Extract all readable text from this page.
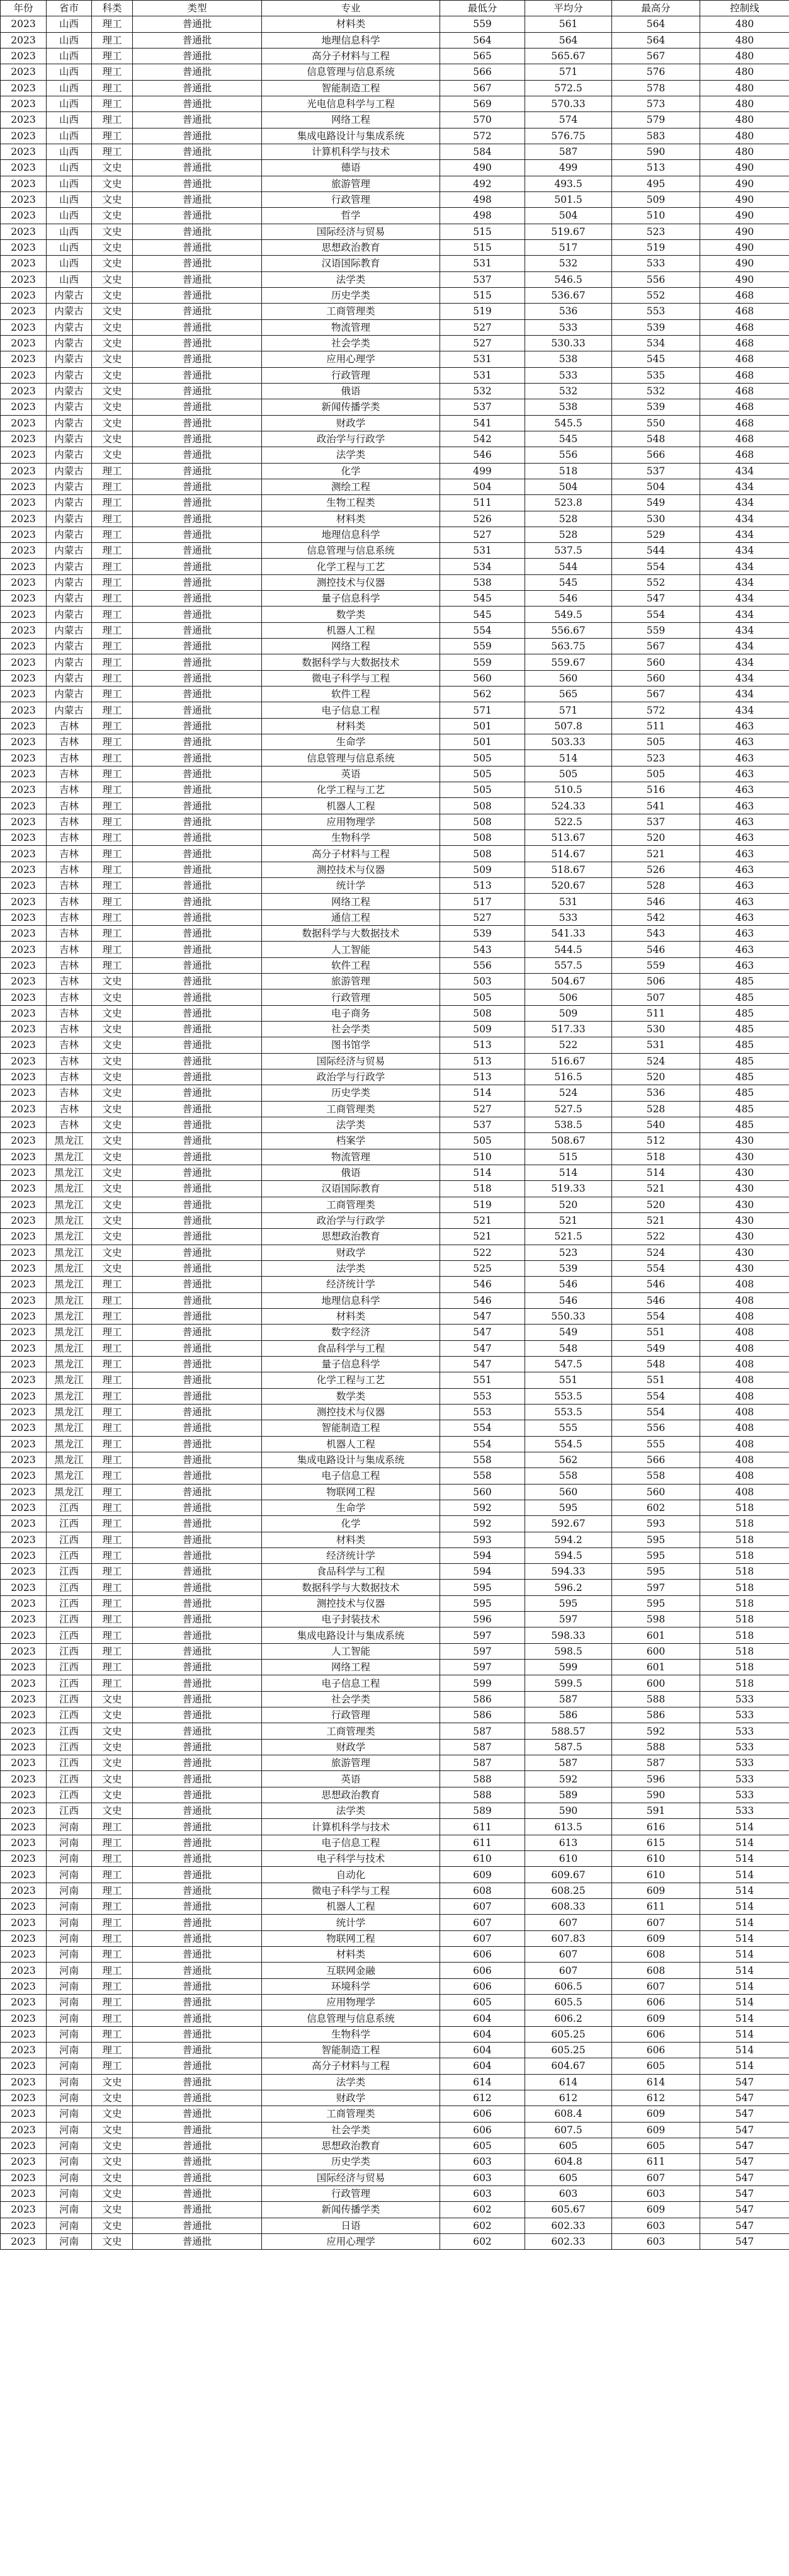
年份	省市	科类	类型	专业	最低分	平均分	最高分	控制线
2023	山西	理工	普通批	材料类	559	561	564	480
2023	山西	理工	普通批	地理信息科学	564	564	564	480
2023	山西	理工	普通批	高分子材料与工程	565	565.67	567	480
2023	山西	理工	普通批	信息管理与信息系统	566	571	576	480
2023	山西	理工	普通批	智能制造工程	567	572.5	578	480
2023	山西	理工	普通批	光电信息科学与工程	569	570.33	573	480
2023	山西	理工	普通批	网络工程	570	574	579	480
2023	山西	理工	普通批	集成电路设计与集成系统	572	576.75	583	480
2023	山西	理工	普通批	计算机科学与技术	584	587	590	480
2023	山西	文史	普通批	德语	490	499	513	490
2023	山西	文史	普通批	旅游管理	492	493.5	495	490
2023	山西	文史	普通批	行政管理	498	501.5	509	490
2023	山西	文史	普通批	哲学	498	504	510	490
2023	山西	文史	普通批	国际经济与贸易	515	519.67	523	490
2023	山西	文史	普通批	思想政治教育	515	517	519	490
2023	山西	文史	普通批	汉语国际教育	531	532	533	490
2023	山西	文史	普通批	法学类	537	546.5	556	490
2023	内蒙古	文史	普通批	历史学类	515	536.67	552	468
2023	内蒙古	文史	普通批	工商管理类	519	536	553	468
2023	内蒙古	文史	普通批	物流管理	527	533	539	468
2023	内蒙古	文史	普通批	社会学类	527	530.33	534	468
2023	内蒙古	文史	普通批	应用心理学	531	538	545	468
2023	内蒙古	文史	普通批	行政管理	531	533	535	468
2023	内蒙古	文史	普通批	俄语	532	532	532	468
2023	内蒙古	文史	普通批	新闻传播学类	537	538	539	468
2023	内蒙古	文史	普通批	财政学	541	545.5	550	468
2023	内蒙古	文史	普通批	政治学与行政学	542	545	548	468
2023	内蒙古	文史	普通批	法学类	546	556	566	468
2023	内蒙古	理工	普通批	化学	499	518	537	434
2023	内蒙古	理工	普通批	测绘工程	504	504	504	434
2023	内蒙古	理工	普通批	生物工程类	511	523.8	549	434
2023	内蒙古	理工	普通批	材料类	526	528	530	434
2023	内蒙古	理工	普通批	地理信息科学	527	528	529	434
2023	内蒙古	理工	普通批	信息管理与信息系统	531	537.5	544	434
2023	内蒙古	理工	普通批	化学工程与工艺	534	544	554	434
2023	内蒙古	理工	普通批	测控技术与仪器	538	545	552	434
2023	内蒙古	理工	普通批	量子信息科学	545	546	547	434
2023	内蒙古	理工	普通批	数学类	545	549.5	554	434
2023	内蒙古	理工	普通批	机器人工程	554	556.67	559	434
2023	内蒙古	理工	普通批	网络工程	559	563.75	567	434
2023	内蒙古	理工	普通批	数据科学与大数据技术	559	559.67	560	434
2023	内蒙古	理工	普通批	微电子科学与工程	560	560	560	434
2023	内蒙古	理工	普通批	软件工程	562	565	567	434
2023	内蒙古	理工	普通批	电子信息工程	571	571	572	434
2023	吉林	理工	普通批	材料类	501	507.8	511	463
2023	吉林	理工	普通批	生命学	501	503.33	505	463
2023	吉林	理工	普通批	信息管理与信息系统	505	514	523	463
2023	吉林	理工	普通批	英语	505	505	505	463
2023	吉林	理工	普通批	化学工程与工艺	505	510.5	516	463
2023	吉林	理工	普通批	机器人工程	508	524.33	541	463
2023	吉林	理工	普通批	应用物理学	508	522.5	537	463
2023	吉林	理工	普通批	生物科学	508	513.67	520	463
2023	吉林	理工	普通批	高分子材料与工程	508	514.67	521	463
2023	吉林	理工	普通批	测控技术与仪器	509	518.67	526	463
2023	吉林	理工	普通批	统计学	513	520.67	528	463
2023	吉林	理工	普通批	网络工程	517	531	546	463
2023	吉林	理工	普通批	通信工程	527	533	542	463
2023	吉林	理工	普通批	数据科学与大数据技术	539	541.33	543	463
2023	吉林	理工	普通批	人工智能	543	544.5	546	463
2023	吉林	理工	普通批	软件工程	556	557.5	559	463
2023	吉林	文史	普通批	旅游管理	503	504.67	506	485
2023	吉林	文史	普通批	行政管理	505	506	507	485
2023	吉林	文史	普通批	电子商务	508	509	511	485
2023	吉林	文史	普通批	社会学类	509	517.33	530	485
2023	吉林	文史	普通批	图书馆学	513	522	531	485
2023	吉林	文史	普通批	国际经济与贸易	513	516.67	524	485
2023	吉林	文史	普通批	政治学与行政学	513	516.5	520	485
2023	吉林	文史	普通批	历史学类	514	524	536	485
2023	吉林	文史	普通批	工商管理类	527	527.5	528	485
2023	吉林	文史	普通批	法学类	537	538.5	540	485
2023	黑龙江	文史	普通批	档案学	505	508.67	512	430
2023	黑龙江	文史	普通批	物流管理	510	515	518	430
2023	黑龙江	文史	普通批	俄语	514	514	514	430
2023	黑龙江	文史	普通批	汉语国际教育	518	519.33	521	430
2023	黑龙江	文史	普通批	工商管理类	519	520	520	430
2023	黑龙江	文史	普通批	政治学与行政学	521	521	521	430
2023	黑龙江	文史	普通批	思想政治教育	521	521.5	522	430
2023	黑龙江	文史	普通批	财政学	522	523	524	430
2023	黑龙江	文史	普通批	法学类	525	539	554	430
2023	黑龙江	理工	普通批	经济统计学	546	546	546	408
2023	黑龙江	理工	普通批	地理信息科学	546	546	546	408
2023	黑龙江	理工	普通批	材料类	547	550.33	554	408
2023	黑龙江	理工	普通批	数字经济	547	549	551	408
2023	黑龙江	理工	普通批	食品科学与工程	547	548	549	408
2023	黑龙江	理工	普通批	量子信息科学	547	547.5	548	408
2023	黑龙江	理工	普通批	化学工程与工艺	551	551	551	408
2023	黑龙江	理工	普通批	数学类	553	553.5	554	408
2023	黑龙江	理工	普通批	测控技术与仪器	553	553.5	554	408
2023	黑龙江	理工	普通批	智能制造工程	554	555	556	408
2023	黑龙江	理工	普通批	机器人工程	554	554.5	555	408
2023	黑龙江	理工	普通批	集成电路设计与集成系统	558	562	566	408
2023	黑龙江	理工	普通批	电子信息工程	558	558	558	408
2023	黑龙江	理工	普通批	物联网工程	560	560	560	408
2023	江西	理工	普通批	生命学	592	595	602	518
2023	江西	理工	普通批	化学	592	592.67	593	518
2023	江西	理工	普通批	材料类	593	594.2	595	518
2023	江西	理工	普通批	经济统计学	594	594.5	595	518
2023	江西	理工	普通批	食品科学与工程	594	594.33	595	518
2023	江西	理工	普通批	数据科学与大数据技术	595	596.2	597	518
2023	江西	理工	普通批	测控技术与仪器	595	595	595	518
2023	江西	理工	普通批	电子封装技术	596	597	598	518
2023	江西	理工	普通批	集成电路设计与集成系统	597	598.33	601	518
2023	江西	理工	普通批	人工智能	597	598.5	600	518
2023	江西	理工	普通批	网络工程	597	599	601	518
2023	江西	理工	普通批	电子信息工程	599	599.5	600	518
2023	江西	文史	普通批	社会学类	586	587	588	533
2023	江西	文史	普通批	行政管理	586	586	586	533
2023	江西	文史	普通批	工商管理类	587	588.57	592	533
2023	江西	文史	普通批	财政学	587	587.5	588	533
2023	江西	文史	普通批	旅游管理	587	587	587	533
2023	江西	文史	普通批	英语	588	592	596	533
2023	江西	文史	普通批	思想政治教育	588	589	590	533
2023	江西	文史	普通批	法学类	589	590	591	533
2023	河南	理工	普通批	计算机科学与技术	611	613.5	616	514
2023	河南	理工	普通批	电子信息工程	611	613	615	514
2023	河南	理工	普通批	电子科学与技术	610	610	610	514
2023	河南	理工	普通批	自动化	609	609.67	610	514
2023	河南	理工	普通批	微电子科学与工程	608	608.25	609	514
2023	河南	理工	普通批	机器人工程	607	608.33	611	514
2023	河南	理工	普通批	统计学	607	607	607	514
2023	河南	理工	普通批	物联网工程	607	607.83	609	514
2023	河南	理工	普通批	材料类	606	607	608	514
2023	河南	理工	普通批	互联网金融	606	607	608	514
2023	河南	理工	普通批	环境科学	606	606.5	607	514
2023	河南	理工	普通批	应用物理学	605	605.5	606	514
2023	河南	理工	普通批	信息管理与信息系统	604	606.2	609	514
2023	河南	理工	普通批	生物科学	604	605.25	606	514
2023	河南	理工	普通批	智能制造工程	604	605.25	606	514
2023	河南	理工	普通批	高分子材料与工程	604	604.67	605	514
2023	河南	文史	普通批	法学类	614	614	614	547
2023	河南	文史	普通批	财政学	612	612	612	547
2023	河南	文史	普通批	工商管理类	606	608.4	609	547
2023	河南	文史	普通批	社会学类	606	607.5	609	547
2023	河南	文史	普通批	思想政治教育	605	605	605	547
2023	河南	文史	普通批	历史学类	603	604.8	611	547
2023	河南	文史	普通批	国际经济与贸易	603	605	607	547
2023	河南	文史	普通批	行政管理	603	603	603	547
2023	河南	文史	普通批	新闻传播学类	602	605.67	609	547
2023	河南	文史	普通批	日语	602	602.33	603	547
2023	河南	文史	普通批	应用心理学	602	602.33	603	547
